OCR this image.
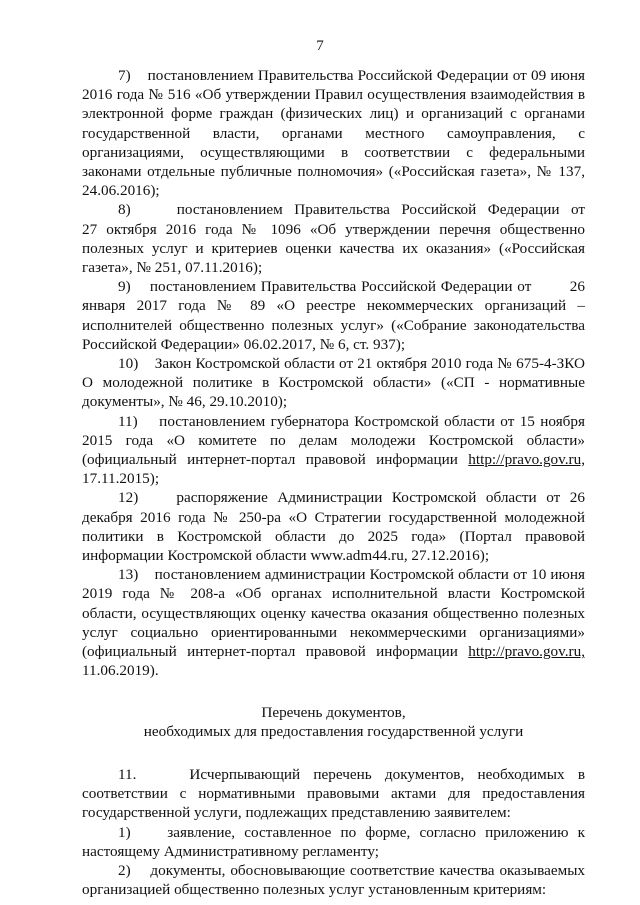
7

7)    постановлением Правительства Российской Федерации от 09 июня 2016 года № 516 «Об утверждении Правил осуществления взаимодействия в электронной форме граждан (физических лиц) и организаций с органами государственной власти, органами местного самоуправления, с организациями, осуществляющими в соответствии с федеральными законами отдельные публичные полномочия» («Российская газета», № 137, 24.06.2016);

8)    постановлением Правительства Российской Федерации от 27 октября 2016 года № 1096 «Об утверждении перечня общественно полезных услуг и критериев оценки качества их оказания» («Российская газета», № 251, 07.11.2016);

9)    постановлением Правительства Российской Федерации от        26 января 2017 года № 89 «О реестре некоммерческих организаций – исполнителей общественно полезных услуг» («Собрание законодательства Российской Федерации» 06.02.2017, № 6, ст. 937);

10)    Закон Костромской области от 21 октября 2010 года № 675-4-ЗКО О молодежной политике в Костромской области» («СП - нормативные документы», № 46, 29.10.2010);

11)    постановлением губернатора Костромской области от 15 ноября 2015 года «О комитете по делам молодежи Костромской области» (официальный интернет-портал правовой информации http://pravo.gov.ru, 17.11.2015);

12)    распоряжение Администрации Костромской области от 26 декабря 2016 года № 250-ра «О Стратегии государственной молодежной политики в Костромской области до 2025 года» (Портал правовой информации Костромской области www.adm44.ru, 27.12.2016);

13)    постановлением администрации Костромской области от 10 июня 2019 года № 208-а «Об органах исполнительной власти Костромской области, осуществляющих оценку качества оказания общественно полезных услуг социально ориентированными некоммерческими организациями» (официальный интернет-портал правовой информации http://pravo.gov.ru, 11.06.2019).

Перечень документов,

необходимых для предоставления государственной услуги

11.    Исчерпывающий перечень документов, необходимых в соответствии с нормативными правовыми актами для предоставления государственной услуги, подлежащих представлению заявителем:

1)    заявление, составленное по форме, согласно приложению к настоящему Административному регламенту;

2)    документы, обосновывающие соответствие качества оказываемых организацией общественно полезных услуг установленным критериям:
